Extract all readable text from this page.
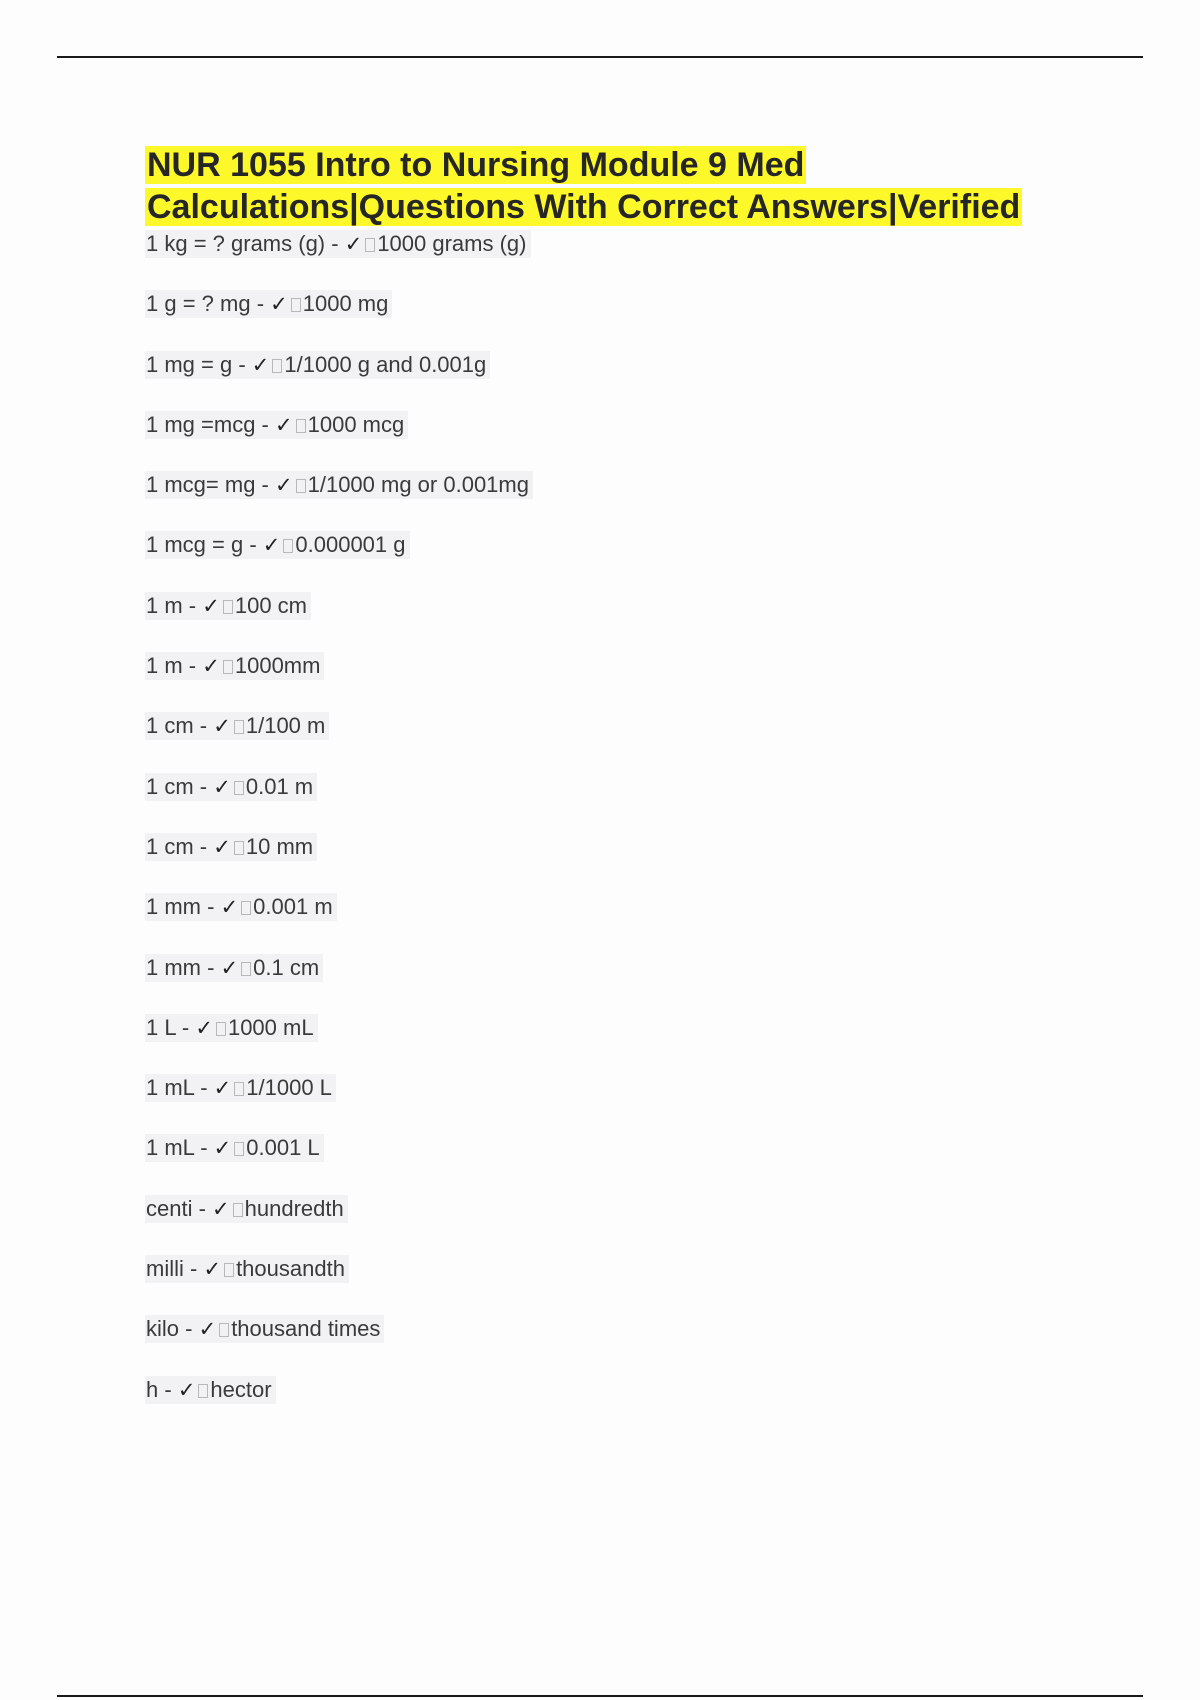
NUR 1055 Intro to Nursing Module 9 Med Calculations|Questions With Correct Answers|Verified
1 kg = ? grams (g) - ✓ 1000 grams (g)
1 g = ? mg - ✓ 1000 mg
1 mg = g - ✓ 1/1000 g and 0.001g
1 mg =mcg - ✓ 1000 mcg
1 mcg= mg - ✓ 1/1000 mg or 0.001mg
1 mcg = g - ✓ 0.000001 g
1 m - ✓ 100 cm
1 m - ✓ 1000mm
1 cm - ✓ 1/100 m
1 cm - ✓ 0.01 m
1 cm - ✓ 10 mm
1 mm - ✓ 0.001 m
1 mm - ✓ 0.1 cm
1 L - ✓ 1000 mL
1 mL - ✓ 1/1000 L
1 mL - ✓ 0.001 L
centi - ✓ hundredth
milli - ✓ thousandth
kilo - ✓ thousand times
h - ✓ hector
